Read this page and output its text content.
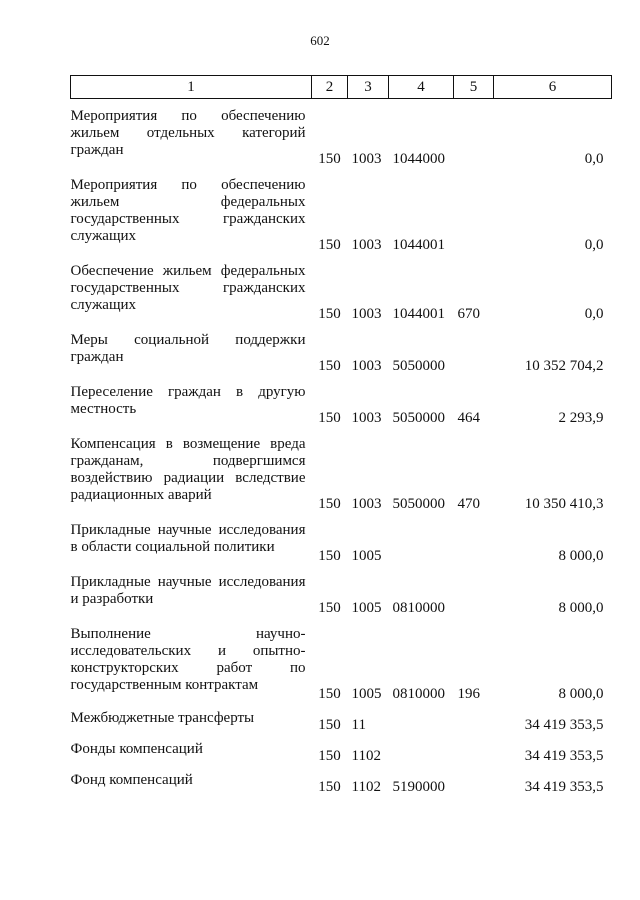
602
1	2	3	4	5	6
Мероприятия по обеспечению жильем отдельных категорий граждан	150	1003	1044000		0,0
Мероприятия по обеспечению жильем федеральных государственных гражданских служащих	150	1003	1044001		0,0
Обеспечение жильем федеральных государственных гражданских служащих	150	1003	1044001	670	0,0
Меры социальной поддержки граждан	150	1003	5050000		10 352 704,2
Переселение граждан в другую местность	150	1003	5050000	464	2 293,9
Компенсация в возмещение вреда гражданам, подвергшимся воздействию радиации вследствие радиационных аварий	150	1003	5050000	470	10 350 410,3
Прикладные научные исследования в области социальной политики	150	1005			8 000,0
Прикладные научные исследования и разработки	150	1005	0810000		8 000,0
Выполнение научно-исследовательских и опытно-конструкторских работ по государственным контрактам	150	1005	0810000	196	8 000,0
Межбюджетные трансферты	150	11			34 419 353,5
Фонды компенсаций	150	1102			34 419 353,5
Фонд компенсаций	150	1102	5190000		34 419 353,5
